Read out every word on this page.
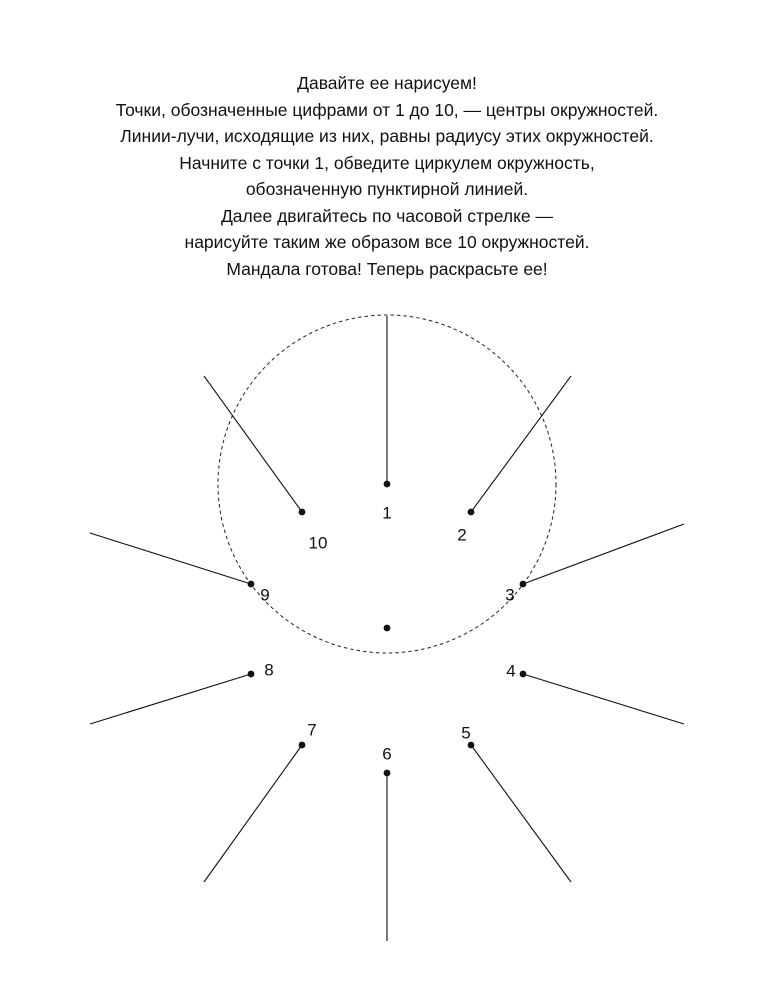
Давайте ее нарисуем!
Точки, обозначенные цифрами от 1 до 10, — центры окружностей.
Линии-лучи, исходящие из них, равны радиусу этих окружностей.
Начните с точки 1, обведите циркулем окружность,
обозначенную пунктирной линией.
Далее двигайтесь по часовой стрелке —
нарисуйте таким же образом все 10 окружностей.
Мандала готова! Теперь раскрасьте ее!
1
2
3
4
5
6
7
8
9
10
